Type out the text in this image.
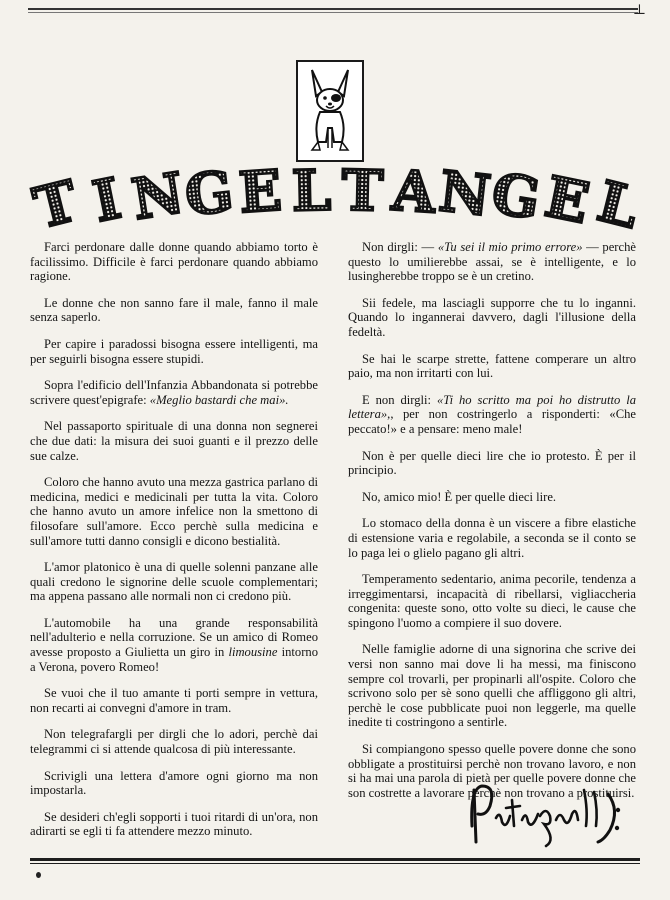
⊥
T I N
G E L T A
N
G
E
L

Farci perdonare dalle donne quando abbiamo torto è facilissimo. Difficile è farci perdonare quando abbiamo ragione.

Le donne che non sanno fare il male, fanno il male senza saperlo.

Per capire i paradossi bisogna essere intelligenti, ma per seguirli bisogna essere stupidi.

Sopra l'edificio dell'Infanzia Abbandonata si potrebbe scrivere quest'epigrafe: «Meglio bastardi che mai».

Nel passaporto spirituale di una donna non segnerei che due dati: la misura dei suoi guanti e il prezzo delle sue calze.

Coloro che hanno avuto una mezza gastrica parlano di medicina, medici e medicinali per tutta la vita. Coloro che hanno avuto un amore infelice non la smettono di filosofare sull'amore. Ecco perchè sulla medicina e sull'amore tutti danno consigli e dicono bestialità.

L'amor platonico è una di quelle solenni panzane alle quali credono le signorine delle scuole complementari; ma appena passano alle normali non ci credono più.

L'automobile ha una grande responsabilità nell'adulterio e nella corruzione. Se un amico di Romeo avesse proposto a Giulietta un giro in limousine intorno a Verona, povero Romeo!

Se vuoi che il tuo amante ti porti sempre in vettura, non recarti ai convegni d'amore in tram.

Non telegrafargli per dirgli che lo adori, perchè dai telegrammi ci si attende qualcosa di più interessante.

Scrivigli una lettera d'amore ogni giorno ma non impostarla.

Se desideri ch'egli sopporti i tuoi ritardi di un'ora, non adirarti se egli ti fa attendere mezzo minuto.

Non dirgli: — «Tu sei il mio primo errore» — perchè questo lo umilierebbe assai, se è intelligente, e lo lusingherebbe troppo se è un cretino.

Sii fedele, ma lasciagli supporre che tu lo inganni. Quando lo ingannerai davvero, dagli l'illusione della fedeltà.

Se hai le scarpe strette, fattene comperare un altro paio, ma non irritarti con lui.

E non dirgli: «Ti ho scritto ma poi ho distrutto la lettera»,, per non costringerlo a risponderti: «Che peccato!» e a pensare: meno male!

Non è per quelle dieci lire che io protesto. È per il principio.

No, amico mio! È per quelle dieci lire.

Lo stomaco della donna è un viscere a fibre elastiche di estensione varia e regolabile, a seconda se il conto se lo paga lei o glielo pagano gli altri.

Temperamento sedentario, anima pecorile, tendenza a irreggimentarsi, incapacità di ribellarsi, vigliaccheria congenita: queste sono, otto volte su dieci, le cause che spingono l'uomo a compiere il suo dovere.

Nelle famiglie adorne di una signorina che scrive dei versi non sanno mai dove li ha messi, ma finiscono sempre col trovarli, per propinarli all'ospite. Coloro che scrivono solo per sè sono quelli che affliggono gli altri, perchè le cose pubblicate puoi non leggerle, ma quelle inedite ti costringono a sentirle.

Si compiangono spesso quelle povere donne che sono obbligate a prostituirsi perchè non trovano lavoro, e non si ha mai una parola di pietà per quelle povere donne che son costrette a lavorare perchè non trovano a prostituirsi.
